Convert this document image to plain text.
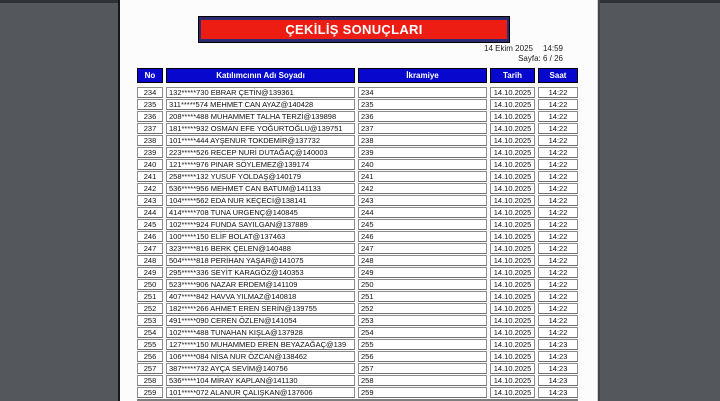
ÇEKİLİŞ SONUÇLARI
14 Ekim 2025 14:59
Sayfa: 6 / 26
No	Katılımcının Adı Soyadı	İkramiye	Tarih	Saat
234	132*****730 EBRAR ÇETİN@139361	234	14.10.2025	14:22
235	311*****574 MEHMET CAN AYAZ@140428	235	14.10.2025	14:22
236	208*****488 MUHAMMET TALHA TERZİ@139898	236	14.10.2025	14:22
237	181*****932 OSMAN EFE YOĞURTOĞLU@139751	237	14.10.2025	14:22
238	101*****444 AYŞENUR TOKDEMİR@137732	238	14.10.2025	14:22
239	223*****526 RECEP NURİ DUTAĞAÇ@140003	239	14.10.2025	14:22
240	121*****976 PINAR SÖYLEMEZ@139174	240	14.10.2025	14:22
241	258*****132 YUSUF YOLDAŞ@140179	241	14.10.2025	14:22
242	536*****956 MEHMET CAN BATUM@141133	242	14.10.2025	14:22
243	104*****562 EDA NUR KEÇECİ@138141	243	14.10.2025	14:22
244	414*****708 TUNA URGENÇ@140845	244	14.10.2025	14:22
245	102*****924 FUNDA SAYILGAN@137889	245	14.10.2025	14:22
246	100*****150 ELİF BOLAT@137463	246	14.10.2025	14:22
247	323*****816 BERK ÇELEN@140488	247	14.10.2025	14:22
248	504*****818 PERİHAN YAŞAR@141075	248	14.10.2025	14:22
249	295*****336 SEYİT KARAGÖZ@140353	249	14.10.2025	14:22
250	523*****906 NAZAR ERDEM@141109	250	14.10.2025	14:22
251	407*****842 HAVVA YILMAZ@140818	251	14.10.2025	14:22
252	182*****266 AHMET EREN SERİN@139755	252	14.10.2025	14:22
253	491*****090 CEREN ÖZLEN@141054	253	14.10.2025	14:22
254	102*****488 TUNAHAN KIŞLA@137928	254	14.10.2025	14:22
255	127*****150 MUHAMMED EREN BEYAZAĞAÇ@139	255	14.10.2025	14:23
256	106*****084 NİSA NUR ÖZCAN@138462	256	14.10.2025	14:23
257	387*****732 AYÇA SEVİM@140756	257	14.10.2025	14:23
258	536*****104 MİRAY KAPLAN@141130	258	14.10.2025	14:23
259	101*****072 ALANUR ÇALIŞKAN@137606	259	14.10.2025	14:23
